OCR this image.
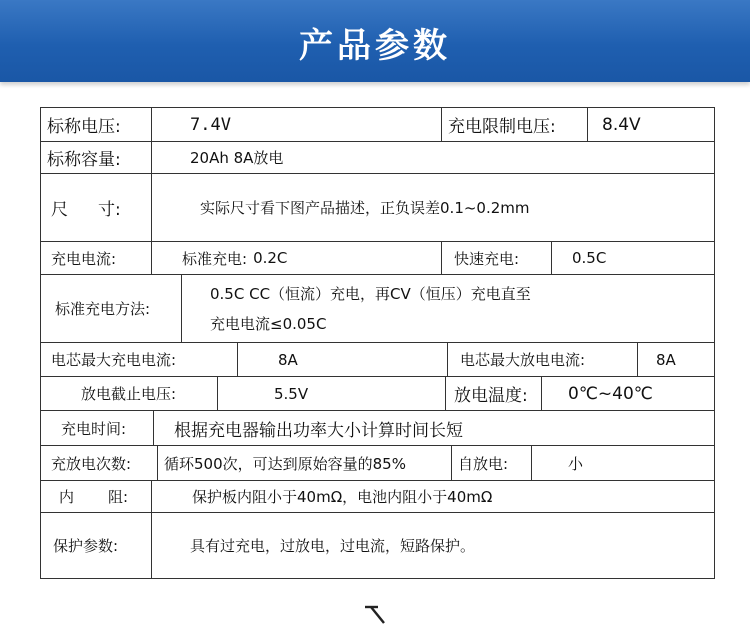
产品参数
标称电压:	7.4V	充电限制电压:	8.4V
标称容量:	20Ah 8A放电
尺 寸:	实际尺寸看下图产品描述，正负误差0.1~0.2mm
充电电流:	标准充电: 0.2C	快速充电:	0.5C
标准充电方法:
0.5C CC（恒流）充电，再CV（恒压）充电直至
充电电流≤0.05C
电芯最大充电电流:	8A	电芯最大放电电流:	8A
放电截止电压:	5.5V	放电温度:	0℃~40℃
充电时间:	根据充电器输出功率大小计算时间长短
充放电次数:	循环500次，可达到原始容量的85%	自放电:	小
内 阻:	保护板内阻小于40mΩ，电池内阻小于40mΩ
保护参数:	具有过充电，过放电，过电流，短路保护。
